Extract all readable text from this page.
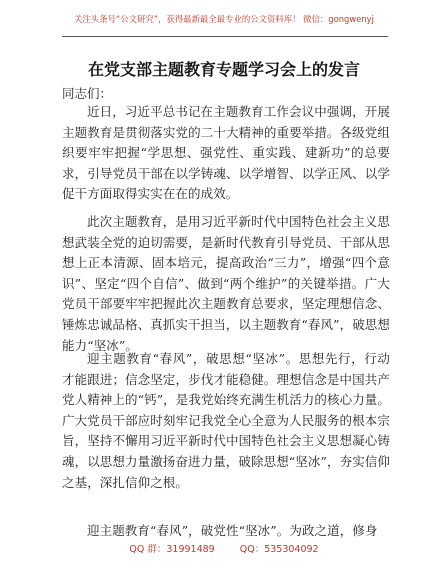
关注头条号“公文研究”，获得最新最全最专业的公文资料库！ 微信：gongwenyj
在党支部主题教育专题学习会上的发言
同志们：

近日，习近平总书记在主题教育工作会议中强调，开展主题教育是贯彻落实党的二十大精神的重要举措。各级党组织要牢牢把握“学思想、强党性、重实践、建新功”的总要求，引导党员干部在以学铸魂、以学增智、以学正风、以学促干方面取得实实在在的成效。

此次主题教育，是用习近平新时代中国特色社会主义思想武装全党的迫切需要，是新时代教育引导党员、干部从思想上正本清源、固本培元，提高政治“三力”，增强“四个意识”、坚定“四个自信”、做到“两个维护”的关键举措。广大党员干部要牢牢把握此次主题教育总要求，坚定理想信念、锤炼忠诚品格、真抓实干担当，以主题教育“春风”，破思想能力“坚冰”。

迎主题教育“春风”，破思想“坚冰”。思想先行，行动才能跟进；信念坚定，步伐才能稳健。理想信念是中国共产党人精神上的“钙”，是我党始终充满生机活力的核心力量。广大党员干部应时刻牢记我党全心全意为人民服务的根本宗旨，坚持不懈用习近平新时代中国特色社会主义思想凝心铸魂，以思想力量激扬奋进力量，破除思想“坚冰”，夯实信仰之基，深扎信仰之根。

迎主题教育“春风”，破党性“坚冰”。为政之道，修身

QQ 群：31991489	QQ：535304092
